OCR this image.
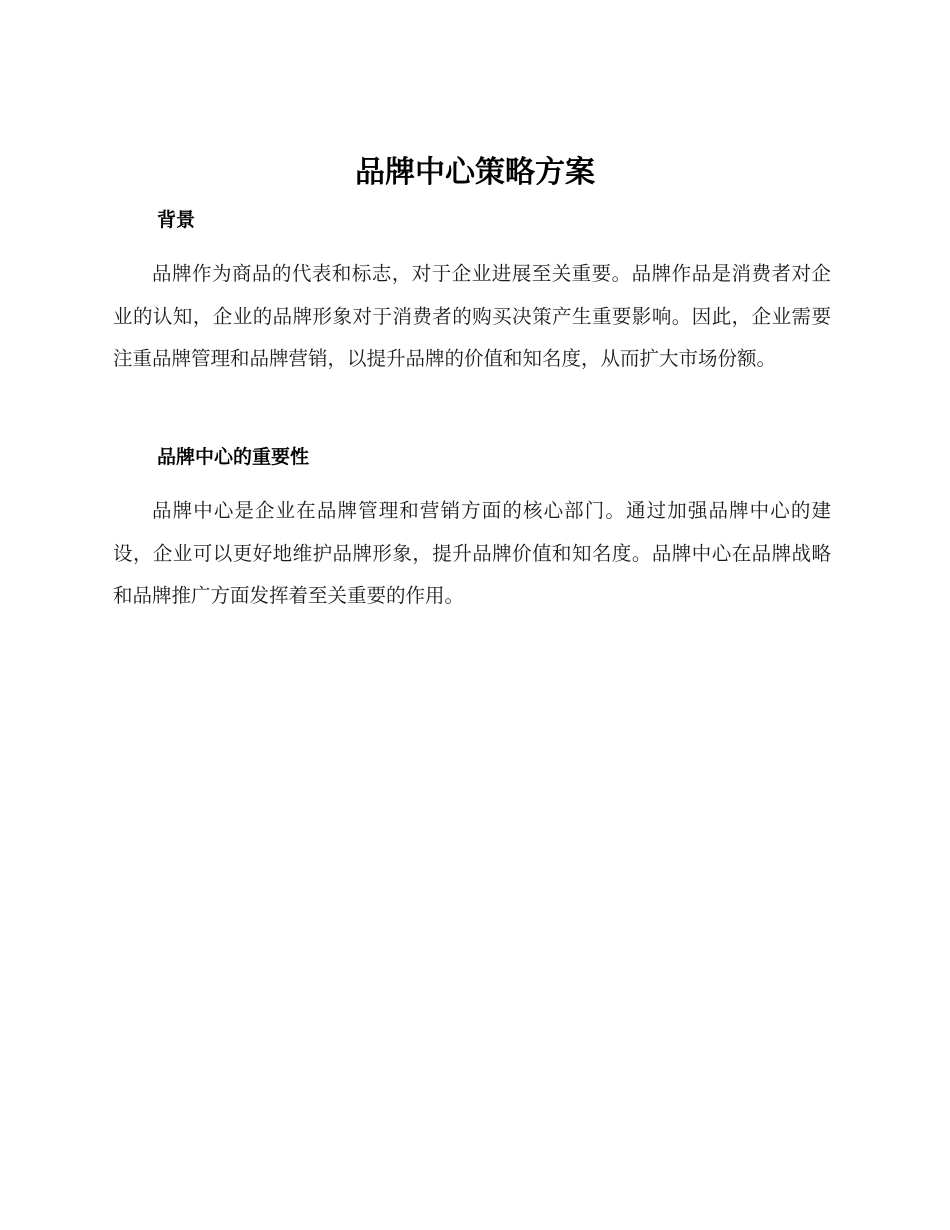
品牌中心策略方案
背景

品牌作为商品的代表和标志，对于企业进展至关重要。品牌作品是消费者对企业的认知，企业的品牌形象对于消费者的购买决策产生重要影响。因此，企业需要注重品牌管理和品牌营销，以提升品牌的价值和知名度，从而扩大市场份额。

品牌中心的重要性

品牌中心是企业在品牌管理和营销方面的核心部门。通过加强品牌中心的建设，企业可以更好地维护品牌形象，提升品牌价值和知名度。品牌中心在品牌战略和品牌推广方面发挥着至关重要的作用。
